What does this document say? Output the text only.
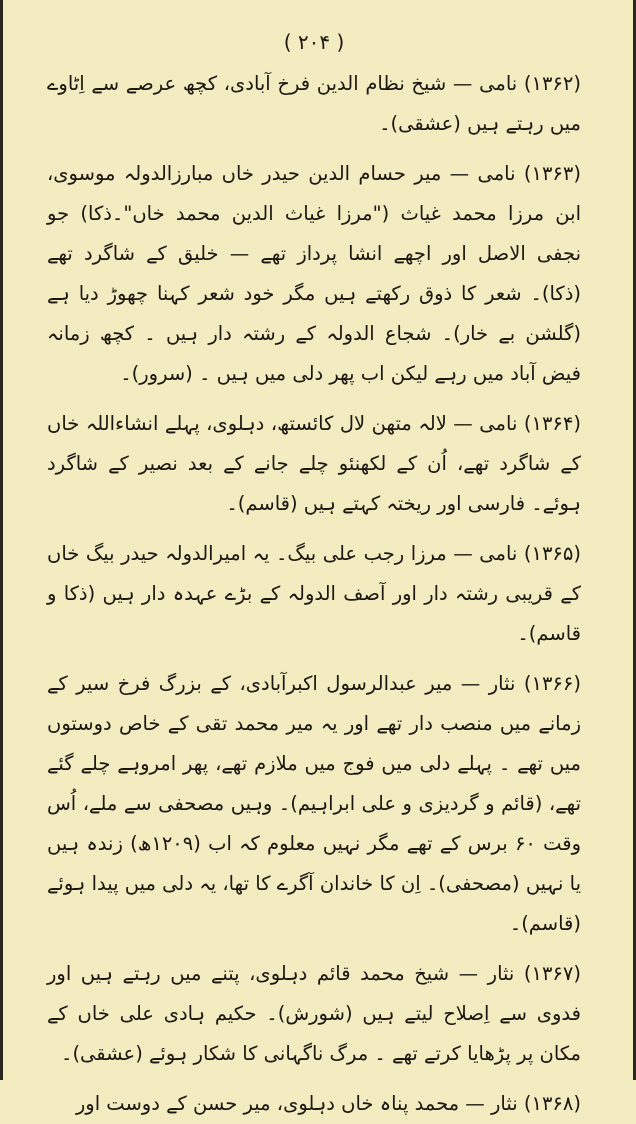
( ۲۰۴ )

(۱۳۶۲) نامی — شیخ نظام الدین فرخ آبادی، کچھ عرصے سے اِٹاوے میں رہتے ہیں (عشقی)۔

(۱۳۶۳) نامی — میر حسام الدین حیدر خاں مبارزالدولہ موسوی، ابن مرزا محمد غیاث ("مرزا غیاث الدین محمد خاں"۔ذکا) جو نجفی الاصل اور اچھے انشا پرداز تھے — خلیق کے شاگرد تھے (ذکا)۔ شعر کا ذوق رکھتے ہیں مگر خود شعر کہنا چھوڑ دیا ہے (گلشن بے خار)۔ شجاع الدولہ کے رشتہ دار ہیں ۔ کچھ زمانہ فیض آباد میں رہے لیکن اب پھر دلی میں ہیں ۔ (سرور)۔

(۱۳۶۴) نامی — لالہ متھن لال کائستھ، دہلوی، پہلے انشاءاللہ خاں کے شاگرد تھے، اُن کے لکھنئو چلے جانے کے بعد نصیر کے شاگرد ہوئے۔ فارسی اور ریختہ کہتے ہیں (قاسم)۔

(۱۳۶۵) نامی — مرزا رجب علی بیگ۔ یہ امیرالدولہ حیدر بیگ خاں کے قریبی رشتہ دار اور آصف الدولہ کے بڑے عہدہ دار ہیں (ذکا و قاسم)۔

(۱۳۶۶) نثار — میر عبدالرسول اکبرآبادی، کے بزرگ فرخ سیر کے زمانے میں منصب دار تھے اور یہ میر محمد تقی کے خاص دوستوں میں تھے ۔ پہلے دلی میں فوج میں ملازم تھے، پھر امروہے چلے گئے تھے، (قائم و گردیزی و علی ابراہیم)۔ وہیں مصحفی سے ملے، اُس وقت ۶۰ برس کے تھے مگر نہیں معلوم کہ اب (۱۲۰۹ھ) زندہ ہیں یا نہیں (مصحفی)۔ اِن کا خاندان آگرے کا تھا، یہ دلی میں پیدا ہوئے (قاسم)۔

(۱۳۶۷) نثار — شیخ محمد قائم دہلوی، پتنے میں رہتے ہیں اور فدوی سے اِصلاح لیتے ہیں (شورش)۔ حکیم ہادی علی خاں کے مکان پر پڑھایا کرتے تھے ۔ مرگ ناگہانی کا شکار ہوئے (عشقی)۔

(۱۳۶۸) نثار — محمد پناہ خاں دہلوی، میر حسن کے دوست اور
